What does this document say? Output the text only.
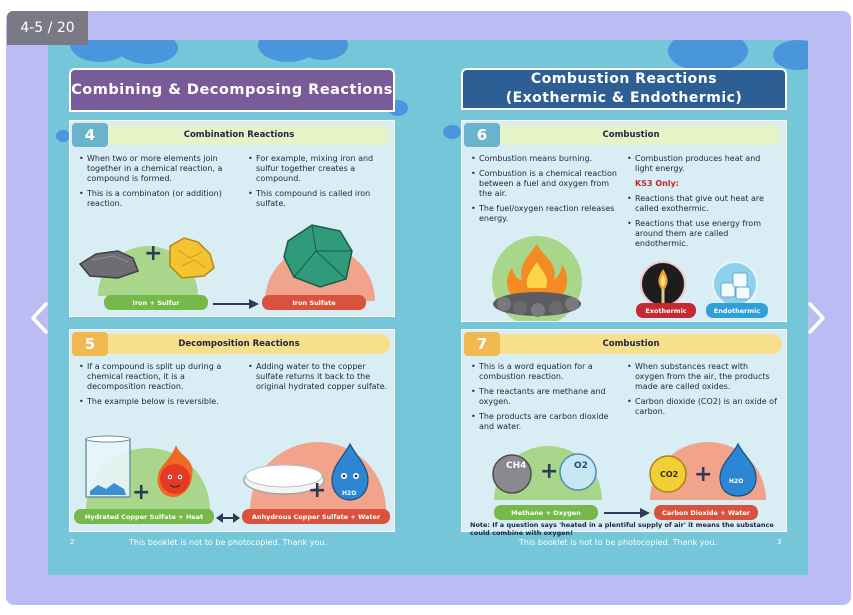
4-5 / 20
Combining & Decomposing Reactions
4	Combination Reactions

• When two or more elements join together in a chemical reaction, a compound is formed.

• This is a combinaton (or addition) reaction.

• For example, mixing iron and sulfur together creates a compound.

• This compound is called iron sulfate.

+
Iron + Sulfur	Iron Sulfate
5	Decomposition Reactions

• If a compound is split up during a chemical reaction, it is a decomposition reaction.

• The example below is reversible.

• Adding water to the copper sulfate returns it back to the original hydrated copper sulfate.

+	H2O
+
Hydrated Copper Sulfate + Heat	Anhydrous Copper Sulfate + Water
2	This booklet is not to be photocopied. Thank you.
Combustion Reactions
(Exothermic & Endothermic)
6	Combustion

• Combustion means burning.

• Combustion is a chemical reaction between a fuel and oxygen from the air.

• The fuel/oxygen reaction releases energy.

• Combustion produces heat and light energy.

KS3 Only:

• Reactions that give out heat are called exothermic.

• Reactions that use energy from around them are called endothermic.

Exothermic	Endothermic
7	Combustion

• This is a word equation for a combustion reaction.

• The reactants are methane and oxygen.

• The products are carbon dioxide and water.

• When substances react with oxygen from the air, the products made are called oxides.

• Carbon dioxide (CO2) is an oxide of carbon.

CH4	O2
+	CO2
H2O
+
Methane + Oxygen	Carbon Dioxide + Water
Note: If a question says 'heated in a plentiful supply of air' it means the substance could combine with oxygen!
This booklet is not to be photocopied. Thank you.	3
